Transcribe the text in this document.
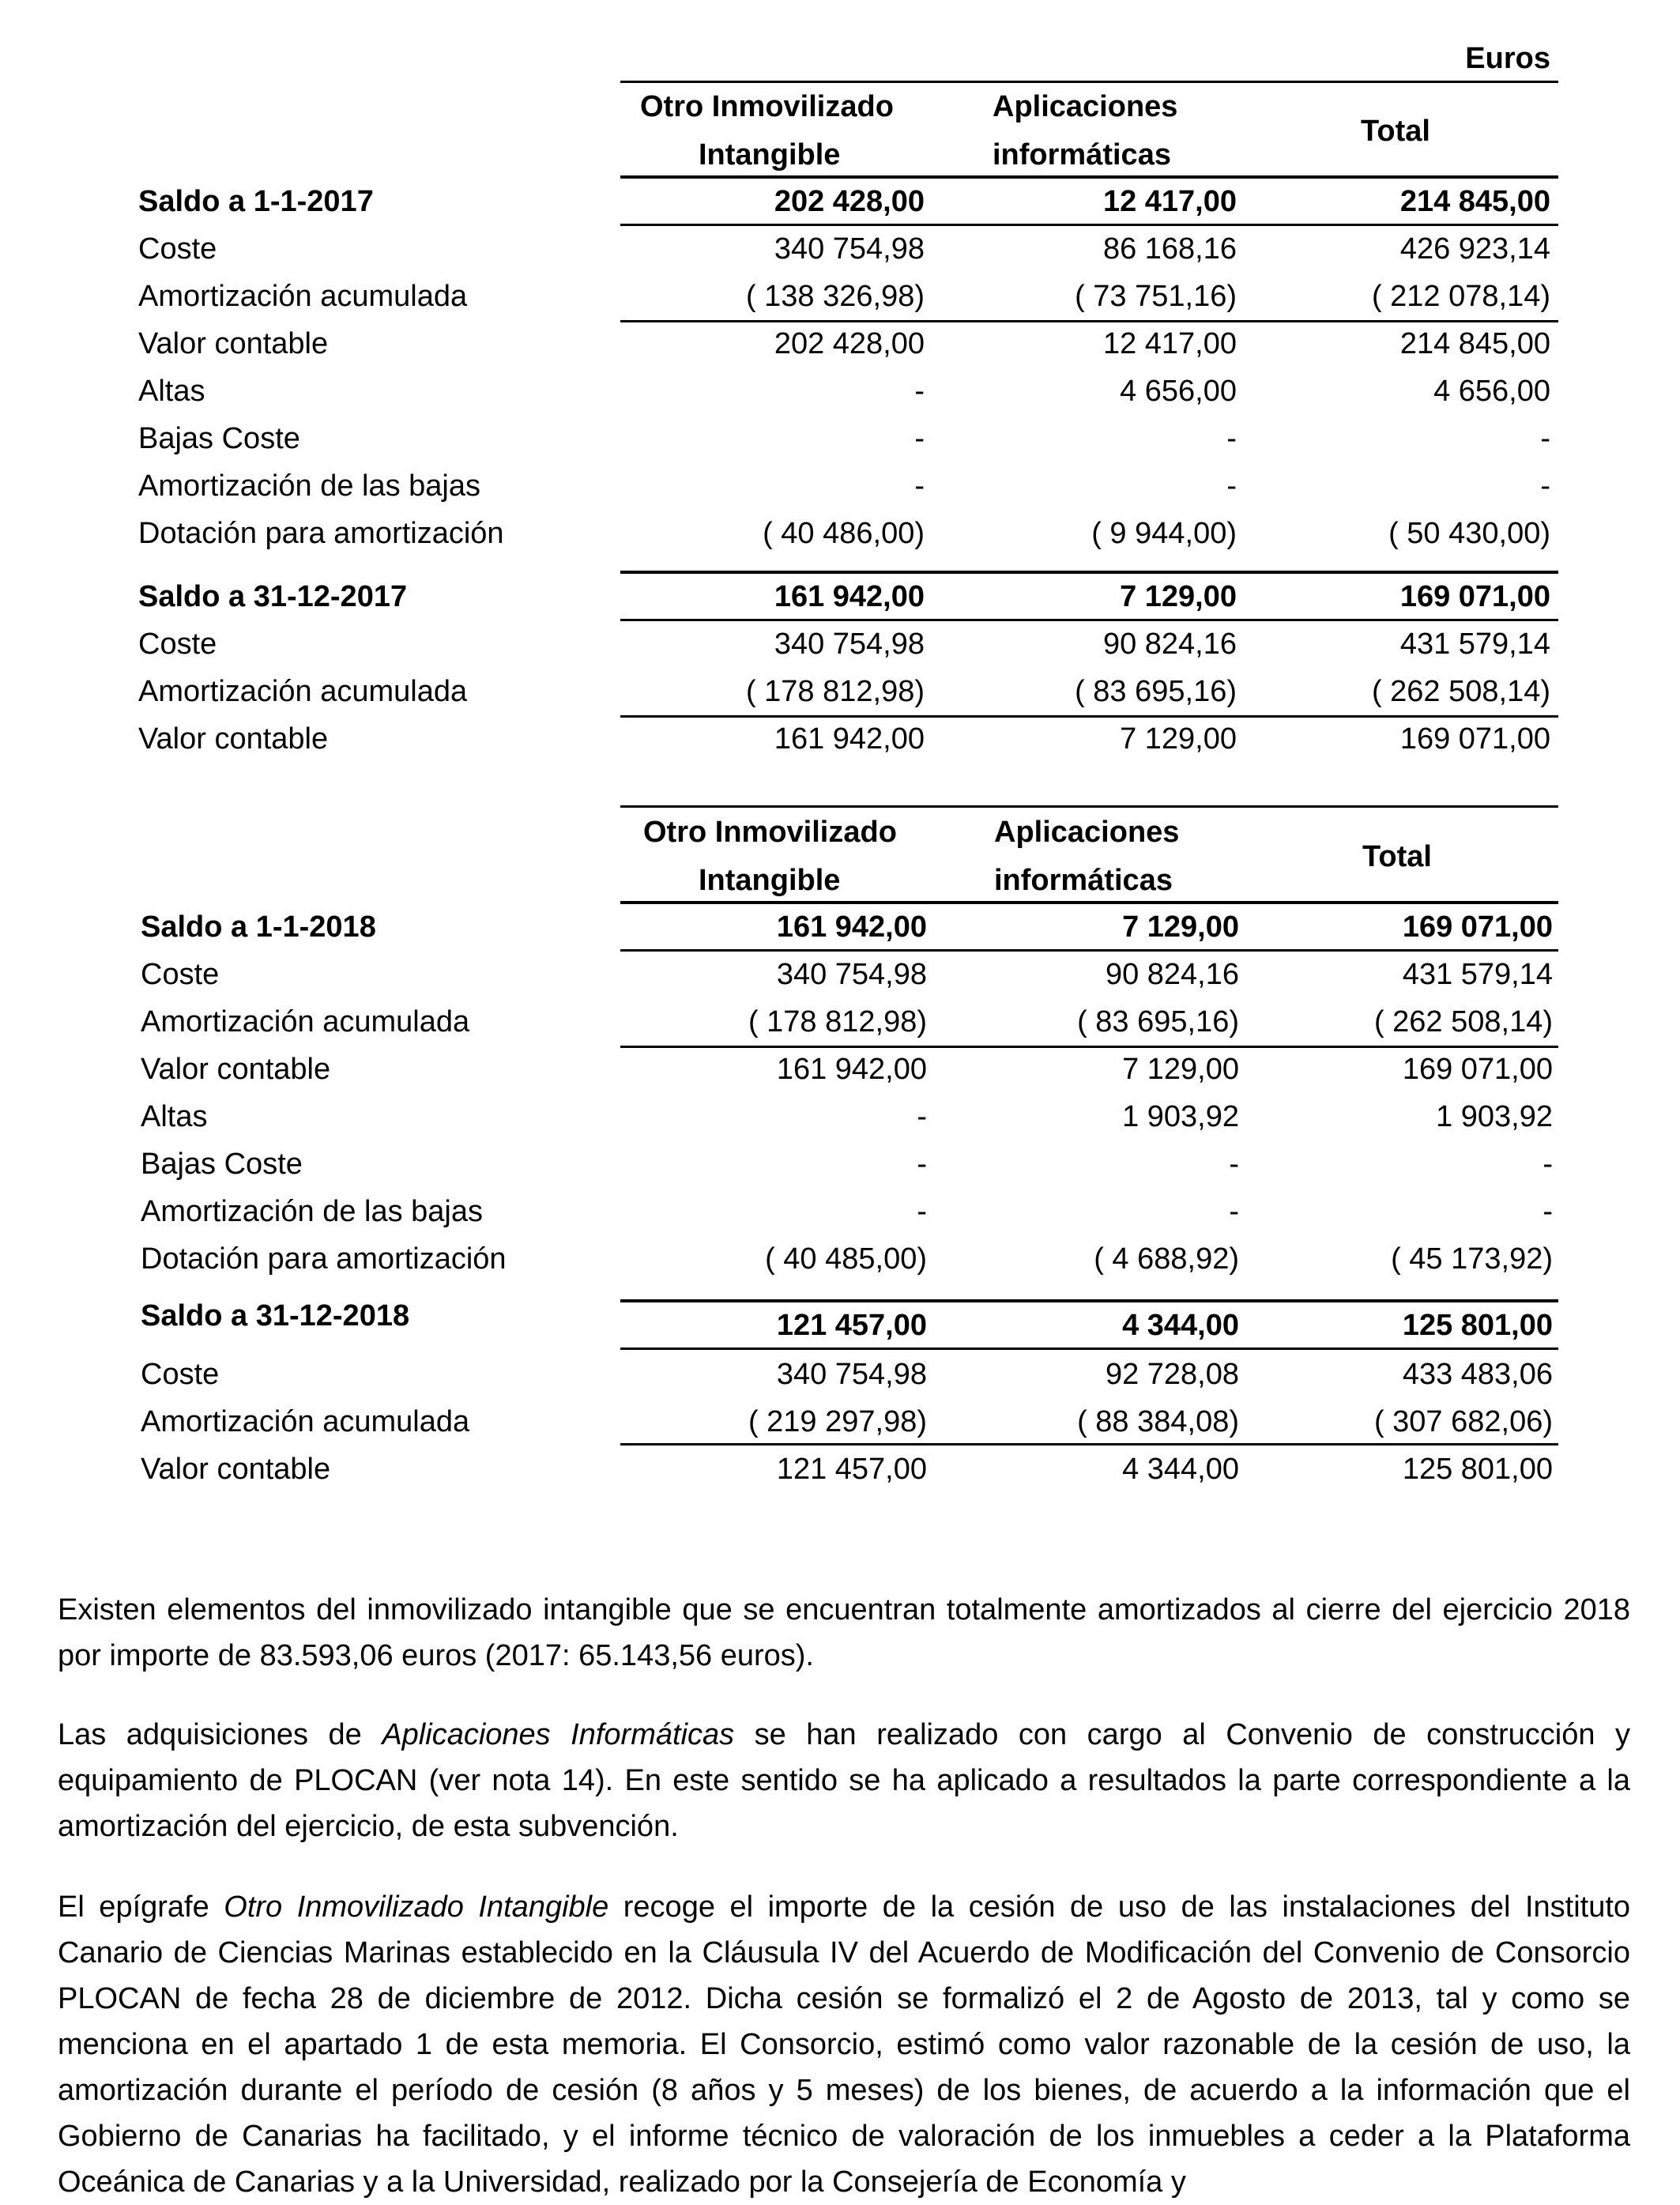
Euros
Otro Inmovilizado
Intangible
Aplicaciones
informáticas
Total
Saldo a 1-1-2017	202 428,00	12 417,00	214 845,00
Coste	340 754,98	86 168,16	426 923,14
Amortización acumulada	( 138 326,98)	( 73 751,16)	( 212 078,14)
Valor contable	202 428,00	12 417,00	214 845,00
Altas	-	4 656,00	4 656,00
Bajas Coste	-	-	-
Amortización de las bajas	-	-	-
Dotación para amortización	( 40 486,00)	( 9 944,00)	( 50 430,00)
Saldo a 31-12-2017	161 942,00	7 129,00	169 071,00
Coste	340 754,98	90 824,16	431 579,14
Amortización acumulada	( 178 812,98)	( 83 695,16)	( 262 508,14)
Valor contable	161 942,00	7 129,00	169 071,00
Otro Inmovilizado
Intangible
Aplicaciones
informáticas
Total
Saldo a 1-1-2018	161 942,00	7 129,00	169 071,00
Coste	340 754,98	90 824,16	431 579,14
Amortización acumulada	( 178 812,98)	( 83 695,16)	( 262 508,14)
Valor contable	161 942,00	7 129,00	169 071,00
Altas	-	1 903,92	1 903,92
Bajas Coste	-	-	-
Amortización de las bajas	-	-	-
Dotación para amortización	( 40 485,00)	( 4 688,92)	( 45 173,92)
Saldo a 31-12-2018	121 457,00	4 344,00	125 801,00
Coste	340 754,98	92 728,08	433 483,06
Amortización acumulada	( 219 297,98)	( 88 384,08)	( 307 682,06)
Valor contable	121 457,00	4 344,00	125 801,00

Existen elementos del inmovilizado intangible que se encuentran totalmente amortizados al cierre del ejercicio 2018 por importe de 83.593,06 euros (2017: 65.143,56 euros).

Las adquisiciones de Aplicaciones Informáticas se han realizado con cargo al Convenio de construcción y equipamiento de PLOCAN (ver nota 14). En este sentido se ha aplicado a resultados la parte correspondiente a la amortización del ejercicio, de esta subvención.

El epígrafe Otro Inmovilizado Intangible recoge el importe de la cesión de uso de las instalaciones del Instituto Canario de Ciencias Marinas establecido en la Cláusula IV del Acuerdo de Modificación del Convenio de Consorcio PLOCAN de fecha 28 de diciembre de 2012. Dicha cesión se formalizó el 2 de Agosto de 2013, tal y como se menciona en el apartado 1 de esta memoria. El Consorcio, estimó como valor razonable de la cesión de uso, la amortización durante el período de cesión (8 años y 5 meses) de los bienes, de acuerdo a la información que el Gobierno de Canarias ha facilitado, y el informe técnico de valoración de los inmuebles a ceder a la Plataforma Oceánica de Canarias y a la Universidad, realizado por la Consejería de Economía y
